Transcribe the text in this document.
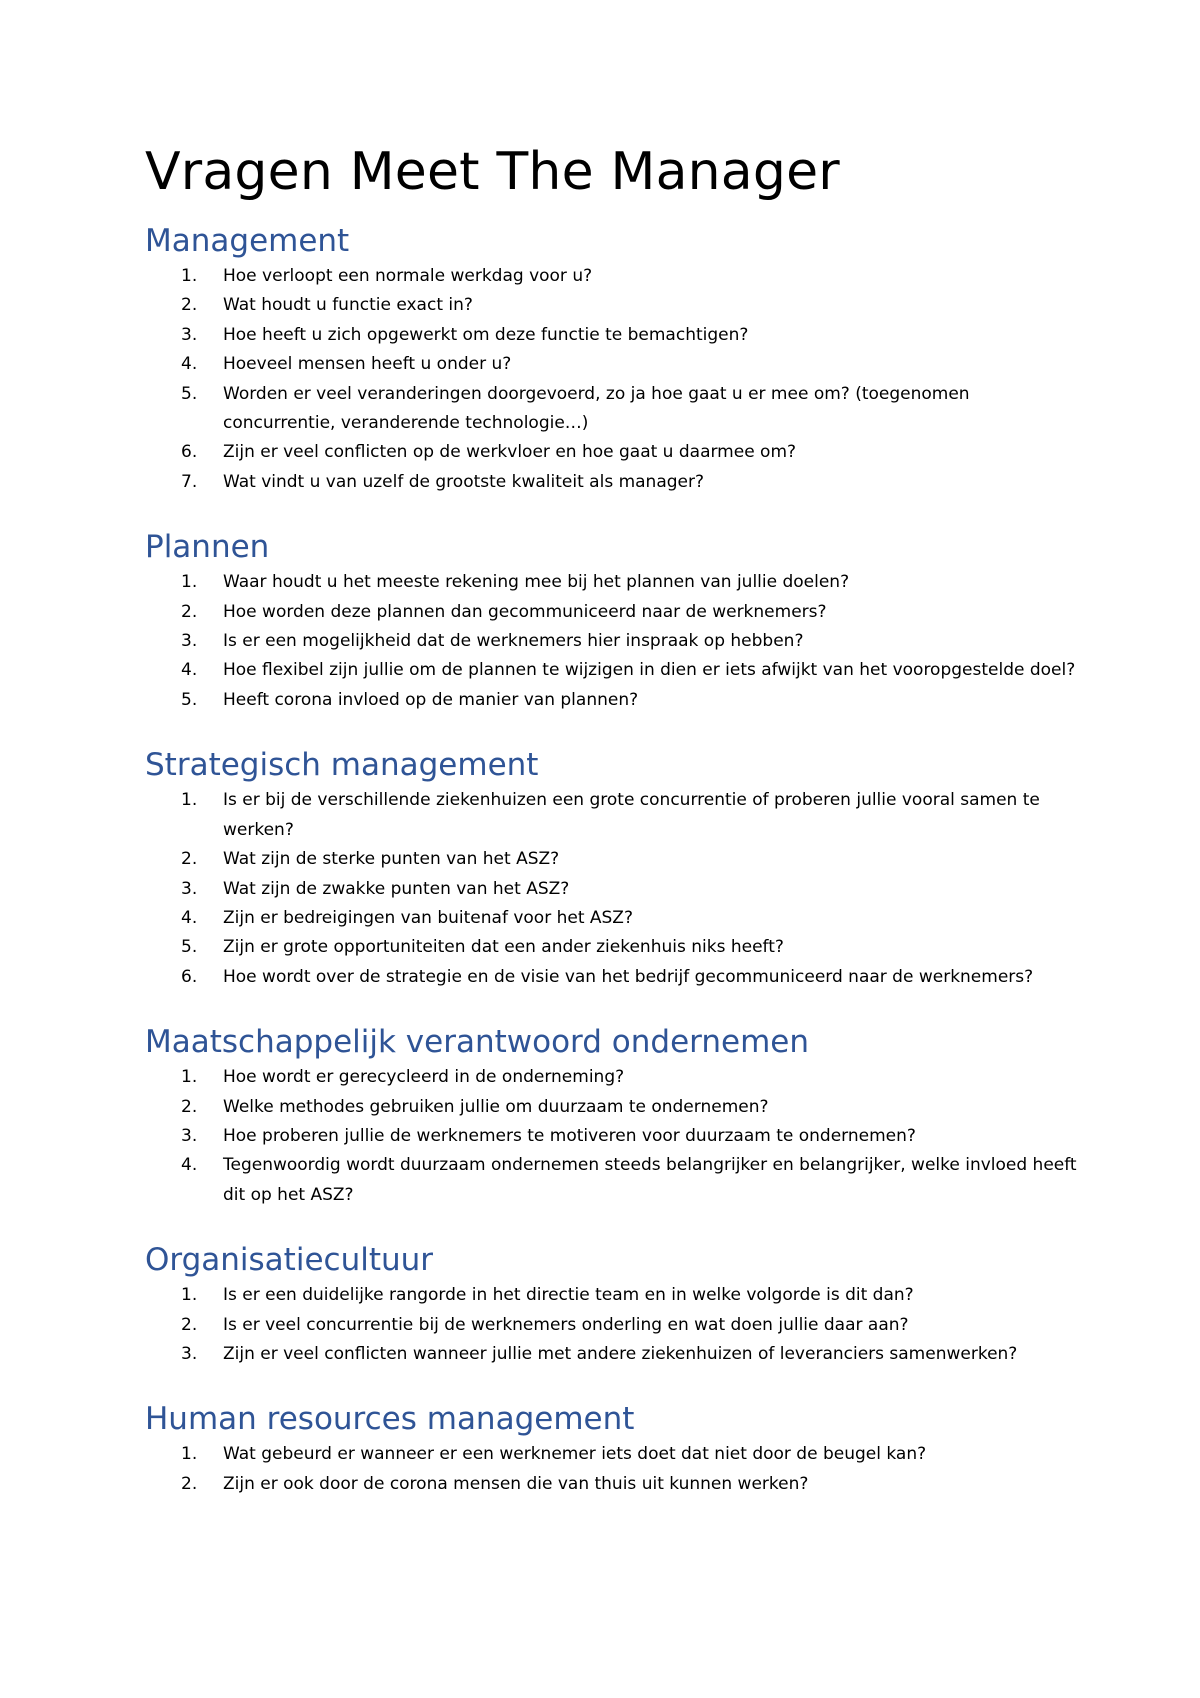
Vragen Meet The Manager
Management
1.	Hoe verloopt een normale werkdag voor u?
2.	Wat houdt u functie exact in?
3.	Hoe heeft u zich opgewerkt om deze functie te bemachtigen?
4.	Hoeveel mensen heeft u onder u?
5.	Worden er veel veranderingen doorgevoerd, zo ja hoe gaat u er mee om? (toegenomen concurrentie, veranderende technologie…)
6.	Zijn er veel conflicten op de werkvloer en hoe gaat u daarmee om?
7.	Wat vindt u van uzelf de grootste kwaliteit als manager?
Plannen
1.	Waar houdt u het meeste rekening mee bij het plannen van jullie doelen?
2.	Hoe worden deze plannen dan gecommuniceerd naar de werknemers?
3.	Is er een mogelijkheid dat de werknemers hier inspraak op hebben?
4.	Hoe flexibel zijn jullie om de plannen te wijzigen in dien er iets afwijkt van het vooropgestelde doel?
5.	Heeft corona invloed op de manier van plannen?
Strategisch management
1.	Is er bij de verschillende ziekenhuizen een grote concurrentie of proberen jullie vooral samen te werken?
2.	Wat zijn de sterke punten van het ASZ?
3.	Wat zijn de zwakke punten van het ASZ?
4.	Zijn er bedreigingen van buitenaf voor het ASZ?
5.	Zijn er grote opportuniteiten dat een ander ziekenhuis niks heeft?
6.	Hoe wordt over de strategie en de visie van het bedrijf gecommuniceerd naar de werknemers?
Maatschappelijk verantwoord ondernemen
1.	Hoe wordt er gerecycleerd in de onderneming?
2.	Welke methodes gebruiken jullie om duurzaam te ondernemen?
3.	Hoe proberen jullie de werknemers te motiveren voor duurzaam te ondernemen?
4.	Tegenwoordig wordt duurzaam ondernemen steeds belangrijker en belangrijker, welke invloed heeft dit op het ASZ?
Organisatiecultuur
1.	Is er een duidelijke rangorde in het directie team en in welke volgorde is dit dan?
2.	Is er veel concurrentie bij de werknemers onderling en wat doen jullie daar aan?
3.	Zijn er veel conflicten wanneer jullie met andere ziekenhuizen of leveranciers samenwerken?
Human resources management
1.	Wat gebeurd er wanneer er een werknemer iets doet dat niet door de beugel kan?
2.	Zijn er ook door de corona mensen die van thuis uit kunnen werken?
